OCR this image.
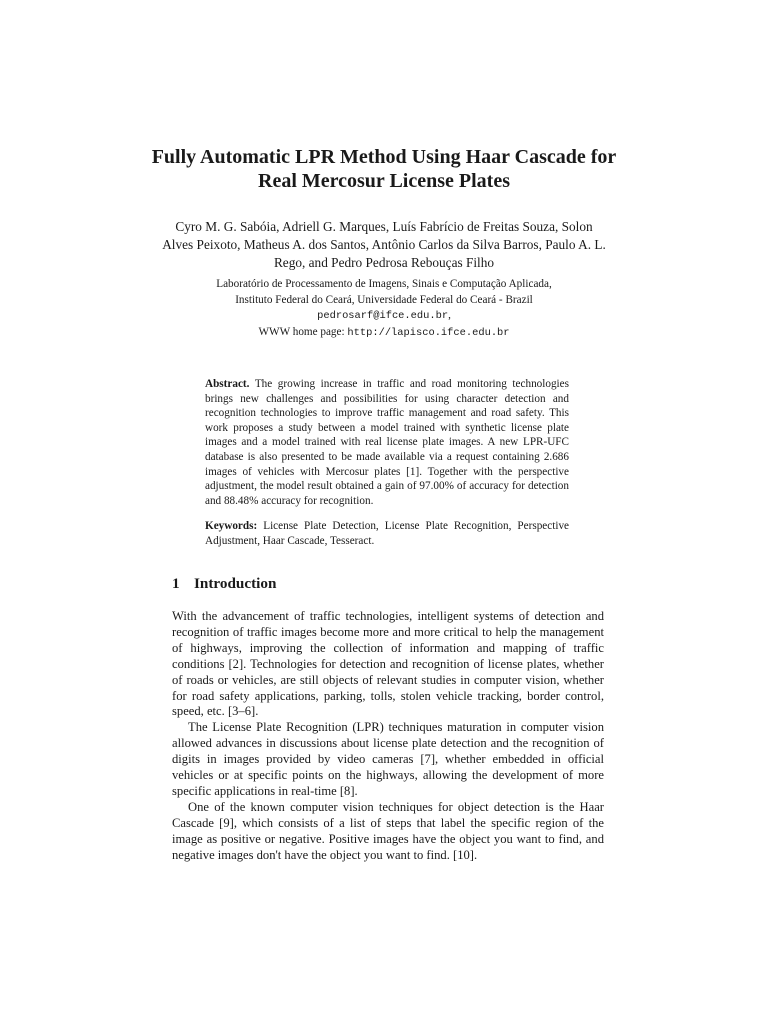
Fully Automatic LPR Method Using Haar Cascade for Real Mercosur License Plates

Cyro M. G. Sabóia, Adriell G. Marques, Luís Fabrício de Freitas Souza, Solon Alves Peixoto, Matheus A. dos Santos, Antônio Carlos da Silva Barros, Paulo A. L. Rego, and Pedro Pedrosa Rebouças Filho

Laboratório de Processamento de Imagens, Sinais e Computação Aplicada,
Instituto Federal do Ceará, Universidade Federal do Ceará - Brazil
pedrosarf@ifce.edu.br,
WWW home page: http://lapisco.ifce.edu.br

Abstract. The growing increase in traffic and road monitoring technologies brings new challenges and possibilities for using character detection and recognition technologies to improve traffic management and road safety. This work proposes a study between a model trained with synthetic license plate images and a model trained with real license plate images. A new LPR-UFC database is also presented to be made available via a request containing 2.686 images of vehicles with Mercosur plates [1]. Together with the perspective adjustment, the model result obtained a gain of 97.00% of accuracy for detection and 88.48% accuracy for recognition.

Keywords: License Plate Detection, License Plate Recognition, Perspective Adjustment, Haar Cascade, Tesseract.

1 Introduction

With the advancement of traffic technologies, intelligent systems of detection and recognition of traffic images become more and more critical to help the management of highways, improving the collection of information and mapping of traffic conditions [2]. Technologies for detection and recognition of license plates, whether of roads or vehicles, are still objects of relevant studies in computer vision, whether for road safety applications, parking, tolls, stolen vehicle tracking, border control, speed, etc. [3–6].

The License Plate Recognition (LPR) techniques maturation in computer vision allowed advances in discussions about license plate detection and the recognition of digits in images provided by video cameras [7], whether embedded in official vehicles or at specific points on the highways, allowing the development of more specific applications in real-time [8].

One of the known computer vision techniques for object detection is the Haar Cascade [9], which consists of a list of steps that label the specific region of the image as positive or negative. Positive images have the object you want to find, and negative images don't have the object you want to find. [10].
